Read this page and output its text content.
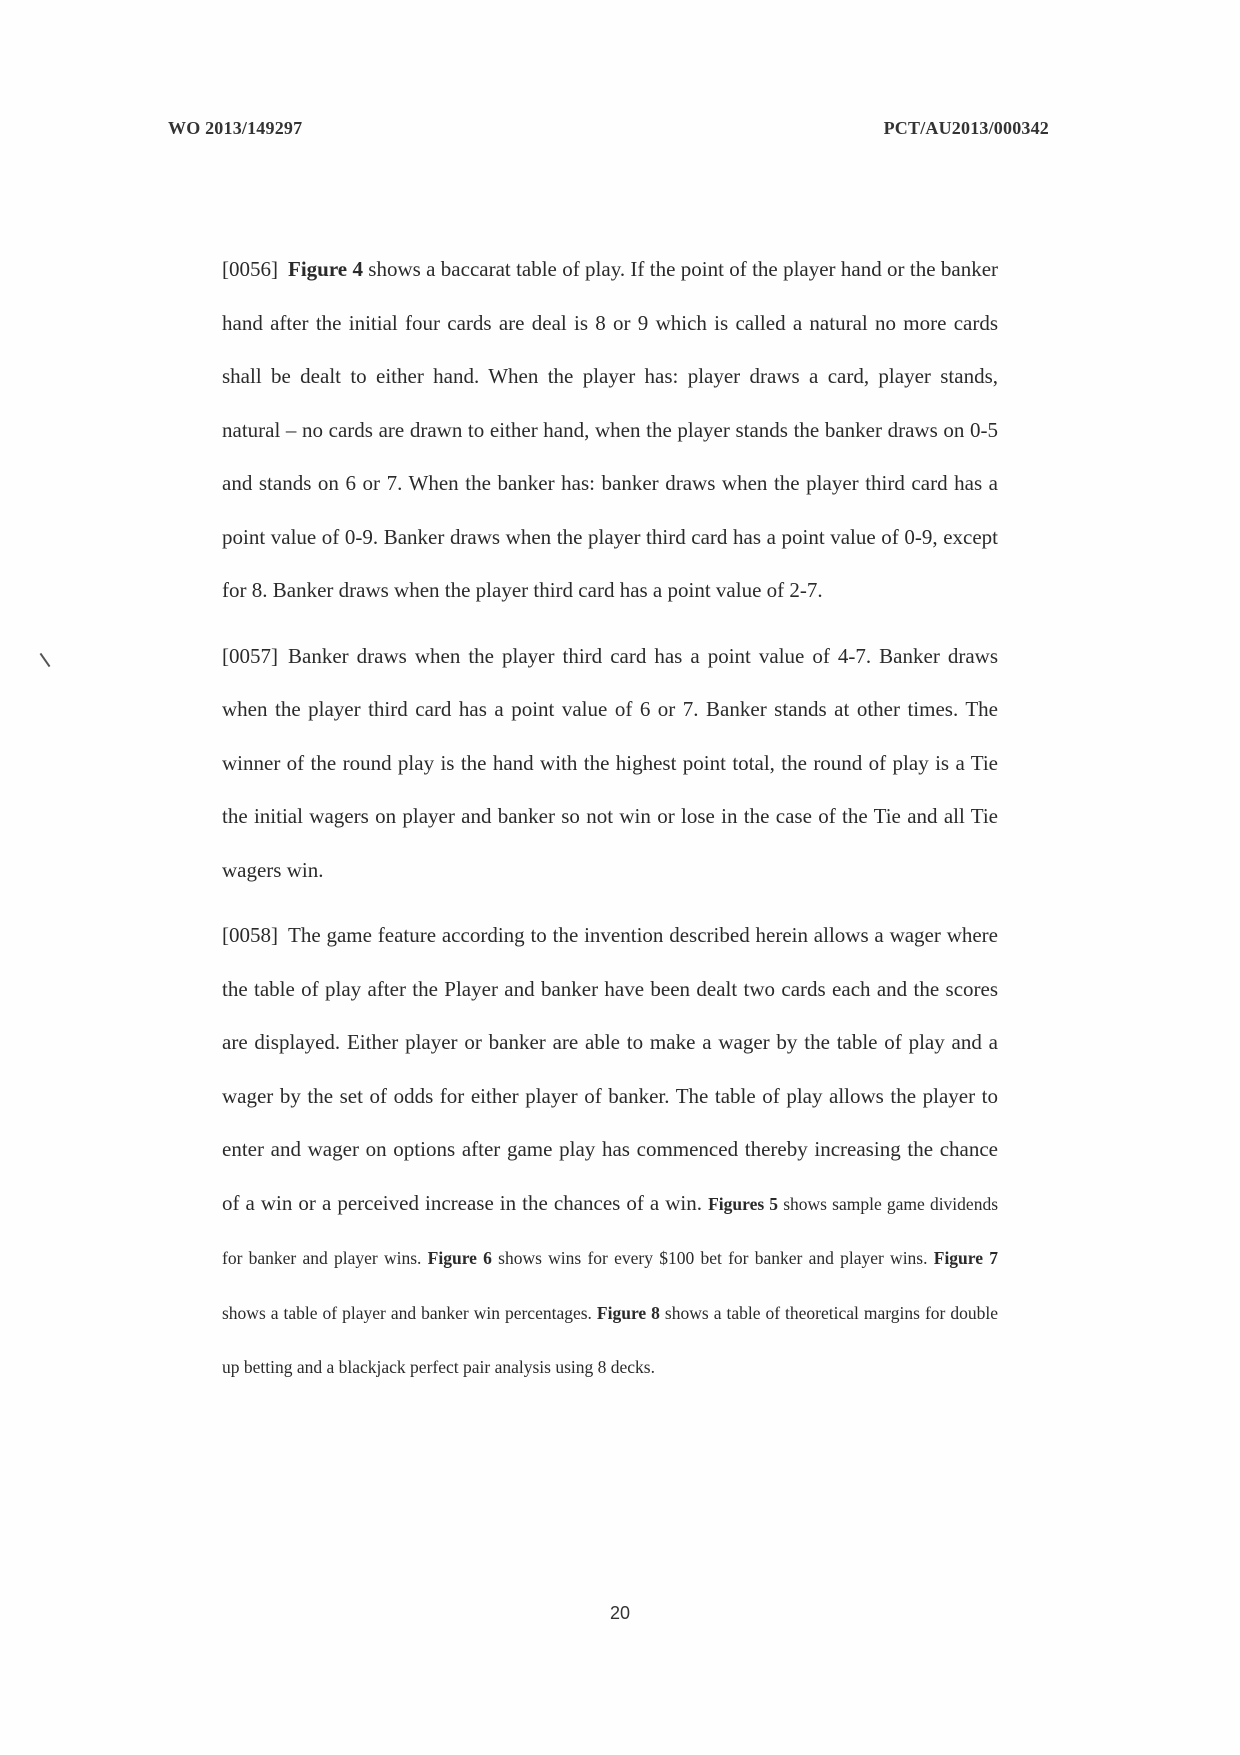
WO 2013/149297	PCT/AU2013/000342

[0056] Figure 4 shows a baccarat table of play. If the point of the player hand or the banker hand after the initial four cards are deal is 8 or 9 which is called a natural no more cards shall be dealt to either hand. When the player has: player draws a card, player stands, natural – no cards are drawn to either hand, when the player stands the banker draws on 0-5 and stands on 6 or 7. When the banker has: banker draws when the player third card has a point value of 0-9. Banker draws when the player third card has a point value of 0-9, except for 8. Banker draws when the player third card has a point value of 2-7.

[0057] Banker draws when the player third card has a point value of 4-7. Banker draws when the player third card has a point value of 6 or 7. Banker stands at other times. The winner of the round play is the hand with the highest point total, the round of play is a Tie the initial wagers on player and banker so not win or lose in the case of the Tie and all Tie wagers win.

[0058] The game feature according to the invention described herein allows a wager where the table of play after the Player and banker have been dealt two cards each and the scores are displayed. Either player or banker are able to make a wager by the table of play and a wager by the set of odds for either player of banker. The table of play allows the player to enter and wager on options after game play has commenced thereby increasing the chance of a win or a perceived increase in the chances of a win. Figures 5 shows sample game dividends for banker and player wins. Figure 6 shows wins for every $100 bet for banker and player wins. Figure 7 shows a table of player and banker win percentages. Figure 8 shows a table of theoretical margins for double up betting and a blackjack perfect pair analysis using 8 decks.

20
